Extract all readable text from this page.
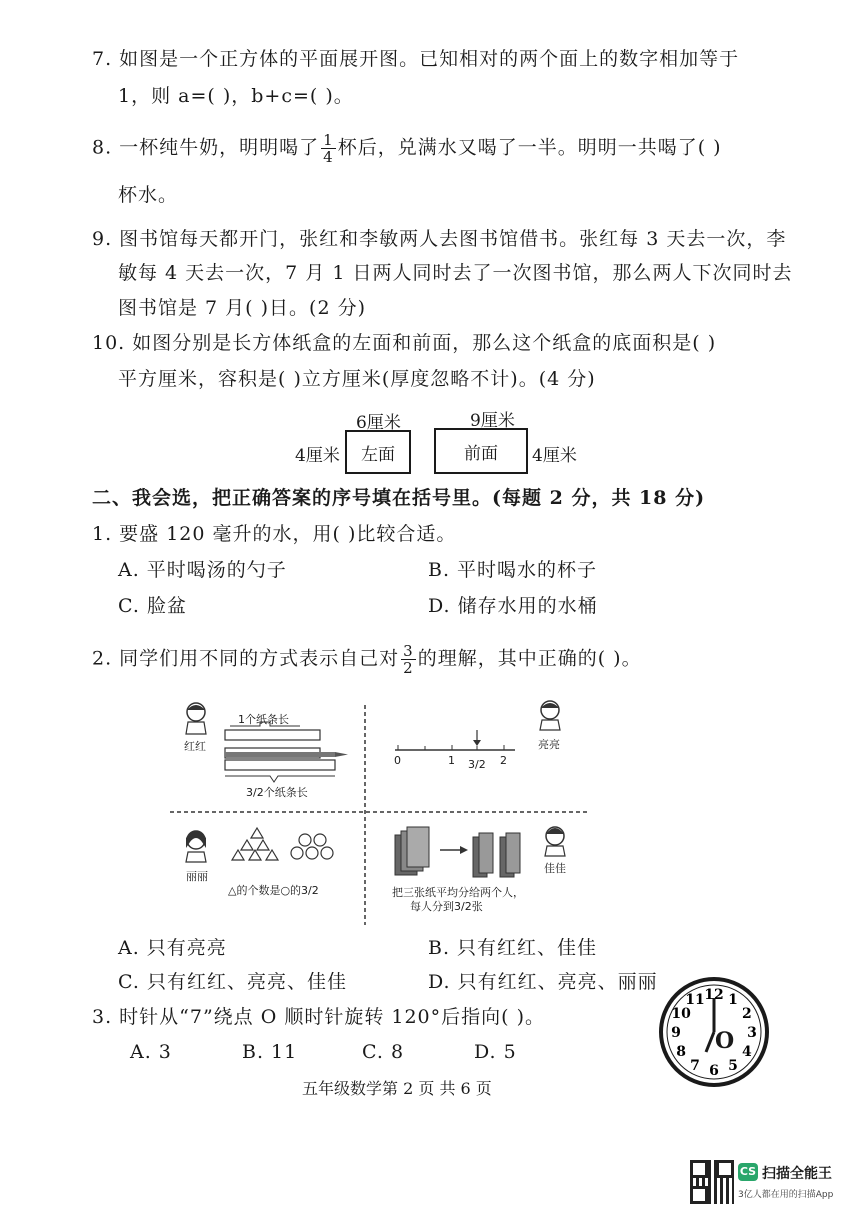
7. 如图是一个正方体的平面展开图。已知相对的两个面上的数字相加等于
1，则 a=( )，b+c=( )。
8. 一杯纯牛奶，明明喝了 $\frac{1}{4}$ 杯后，兑满水又喝了一半。明明一共喝了( )
杯水。
9. 图书馆每天都开门，张红和李敏两人去图书馆借书。张红每 3 天去一次，李
敏每 4 天去一次，7 月 1 日两人同时去了一次图书馆，那么两人下次同时去
图书馆是 7 月( )日。(2 分)
10. 如图分别是长方体纸盒的左面和前面，那么这个纸盒的底面积是( )
平方厘米，容积是( )立方厘米(厚度忽略不计)。(4 分)
6厘米
4厘米 左面
9厘米
前面 4厘米
二、我会选，把正确答案的序号填在括号里。(每题 2 分，共 18 分)
1. 要盛 120 毫升的水，用( )比较合适。
A. 平时喝汤的勺子	B. 平时喝水的杯子
C. 脸盆	D. 储存水用的水桶
2. 同学们用不同的方式表示自己对 $\frac{3}{2}$ 的理解，其中正确的( )。
红红
1个纸条长
3/2个纸条长
亮亮
0	1	2
3/2
丽丽
△的个数是○的3/2
佳佳
把三张纸平均分给两个人，
每人分到3/2张
A. 只有亮亮	B. 只有红红、佳佳
C. 只有红红、亮亮、佳佳	D. 只有红红、亮亮、丽丽
3. 时针从“7”绕点 O 顺时针旋转 120°后指向( )。
A. 3	B. 11	C. 8	D. 5
12 1
2
3
4
5
6
7
8
9
10
11
O
五年级数学第 2 页 共 6 页
CS 扫描全能王
3亿人都在用的扫描App
